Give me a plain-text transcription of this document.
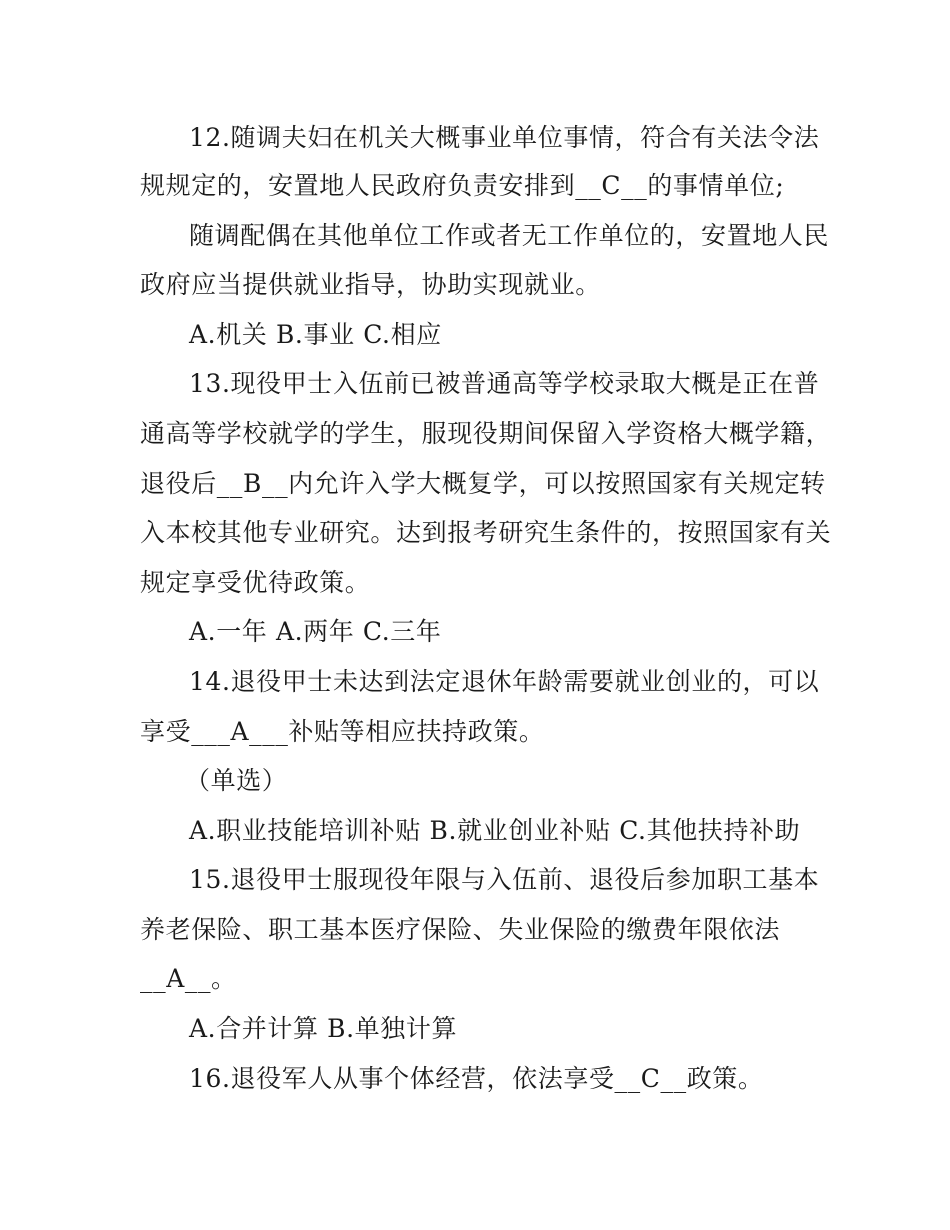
12.随调夫妇在机关大概事业单位事情，符合有关法令法
规规定的，安置地人民政府负责安排到__C__的事情单位;
随调配偶在其他单位工作或者无工作单位的，安置地人民
政府应当提供就业指导，协助实现就业。
A.机关 B.事业 C.相应
13.现役甲士入伍前已被普通高等学校录取大概是正在普
通高等学校就学的学生，服现役期间保留入学资格大概学籍，
退役后__B__内允许入学大概复学，可以按照国家有关规定转
入本校其他专业研究。达到报考研究生条件的，按照国家有关
规定享受优待政策。
A.一年 A.两年 C.三年
14.退役甲士未达到法定退休年龄需要就业创业的，可以
享受___A___补贴等相应扶持政策。
（单选）
A.职业技能培训补贴 B.就业创业补贴 C.其他扶持补助
15.退役甲士服现役年限与入伍前、退役后参加职工基本
养老保险、职工基本医疗保险、失业保险的缴费年限依法
__A__。
A.合并计算 B.单独计算
16.退役军人从事个体经营，依法享受__C__政策。
